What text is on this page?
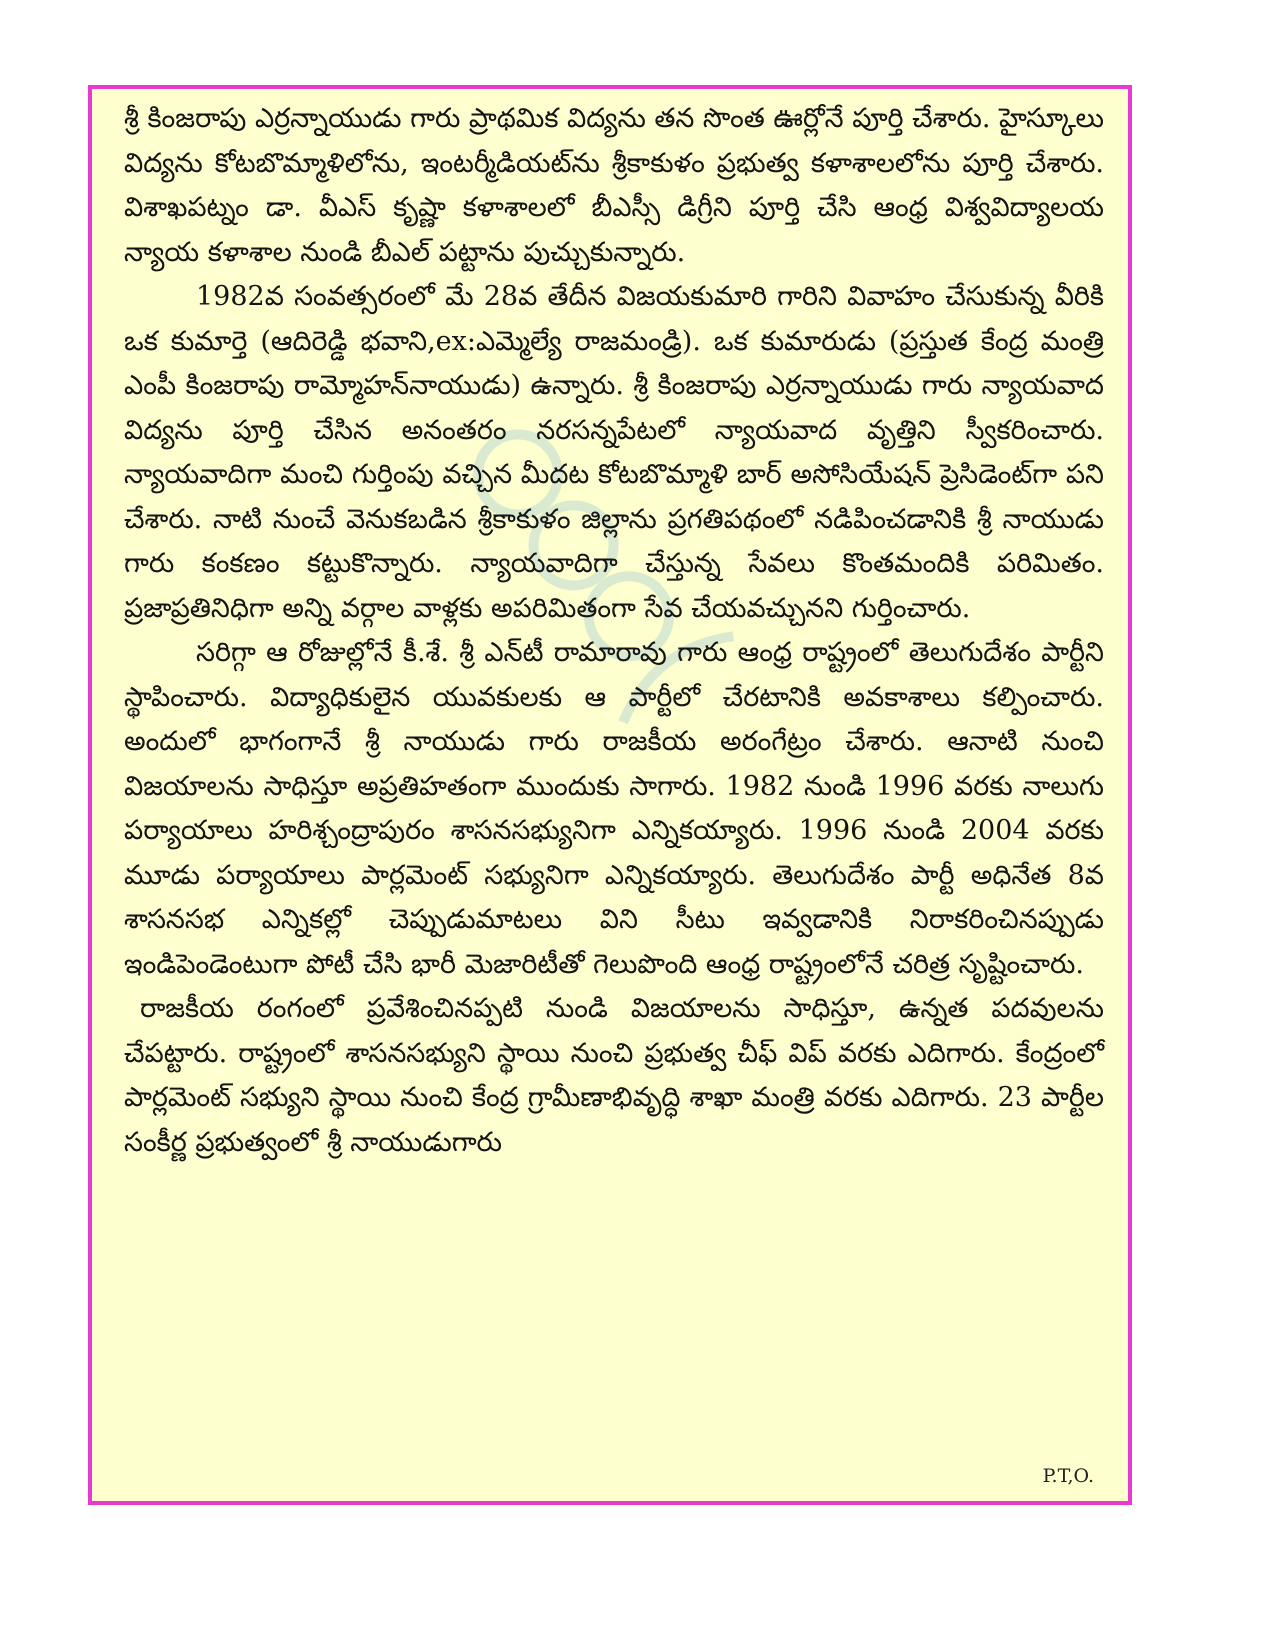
శ్రీ కింజరాపు ఎర్రన్నాయుడు గారు ప్రాథమిక విద్యను తన సొంత ఊర్లోనే పూర్తి చేశారు. హైస్కూలు విద్యను కోటబొమ్మాళిలోను, ఇంటర్మీడియట్‌ను శ్రీకాకుళం ప్రభుత్వ కళాశాలలోను పూర్తి చేశారు. విశాఖపట్నం డా. వీఎస్ కృష్ణా కళాశాలలో బీఎస్సీ డిగ్రీని పూర్తి చేసి ఆంధ్ర విశ్వవిద్యాలయ న్యాయ కళాశాల నుండి బీఎల్ పట్టాను పుచ్చుకున్నారు.

1982వ సంవత్సరంలో మే 28వ తేదీన విజయకుమారి గారిని వివాహం చేసుకున్న వీరికి ఒక కుమార్తె (ఆదిరెడ్డి భవాని,ex:ఎమ్మెల్యే రాజమండ్రి). ఒక కుమారుడు (ప్రస్తుత కేంద్ర మంత్రి ఎంపీ కింజరాపు రామ్మోహన్‌నాయుడు) ఉన్నారు. శ్రీ కింజరాపు ఎర్రన్నాయుడు గారు న్యాయవాద విద్యను పూర్తి చేసిన అనంతరం నరసన్నపేటలో న్యాయవాద వృత్తిని స్వీకరించారు. న్యాయవాదిగా మంచి గుర్తింపు వచ్చిన మీదట కోటబొమ్మాళి బార్ అసోసియేషన్ ప్రెసిడెంట్‌గా పని చేశారు. నాటి నుంచే వెనుకబడిన శ్రీకాకుళం జిల్లాను ప్రగతిపథంలో నడిపించడానికి శ్రీ నాయుడు గారు కంకణం కట్టుకొన్నారు. న్యాయవాదిగా చేస్తున్న సేవలు కొంతమందికి పరిమితం. ప్రజాప్రతినిధిగా అన్ని వర్గాల వాళ్లకు అపరిమితంగా సేవ చేయవచ్చునని గుర్తించారు.

సరిగ్గా ఆ రోజుల్లోనే కీ.శే. శ్రీ ఎన్‌టీ రామారావు గారు ఆంధ్ర రాష్ట్రంలో తెలుగుదేశం పార్టీని స్థాపించారు. విద్యాధికులైన యువకులకు ఆ పార్టీలో చేరటానికి అవకాశాలు కల్పించారు. అందులో భాగంగానే శ్రీ నాయుడు గారు రాజకీయ అరంగేట్రం చేశారు. ఆనాటి నుంచి విజయాలను సాధిస్తూ అప్రతిహతంగా ముందుకు సాగారు. 1982 నుండి 1996 వరకు నాలుగు పర్యాయాలు హరిశ్చంద్రాపురం శాసనసభ్యునిగా ఎన్నికయ్యారు. 1996 నుండి 2004 వరకు మూడు పర్యాయాలు పార్లమెంట్ సభ్యునిగా ఎన్నికయ్యారు. తెలుగుదేశం పార్టీ అధినేత 8వ శాసనసభ ఎన్నికల్లో చెప్పుడుమాటలు విని సీటు ఇవ్వడానికి నిరాకరించినప్పుడు ఇండిపెండెంటుగా పోటీ చేసి భారీ మెజారిటీతో గెలుపొంది ఆంధ్ర రాష్ట్రంలోనే చరిత్ర సృష్టించారు.

రాజకీయ రంగంలో ప్రవేశించినప్పటి నుండి విజయాలను సాధిస్తూ, ఉన్నత పదవులను చేపట్టారు. రాష్ట్రంలో శాసనసభ్యుని స్థాయి నుంచి ప్రభుత్వ చీఫ్ విప్ వరకు ఎదిగారు. కేంద్రంలో పార్లమెంట్ సభ్యుని స్థాయి నుంచి కేంద్ర గ్రామీణాభివృద్ధి శాఖా మంత్రి వరకు ఎదిగారు. 23 పార్టీల సంకీర్ణ ప్రభుత్వంలో శ్రీ నాయుడుగారు

P.T,O.
